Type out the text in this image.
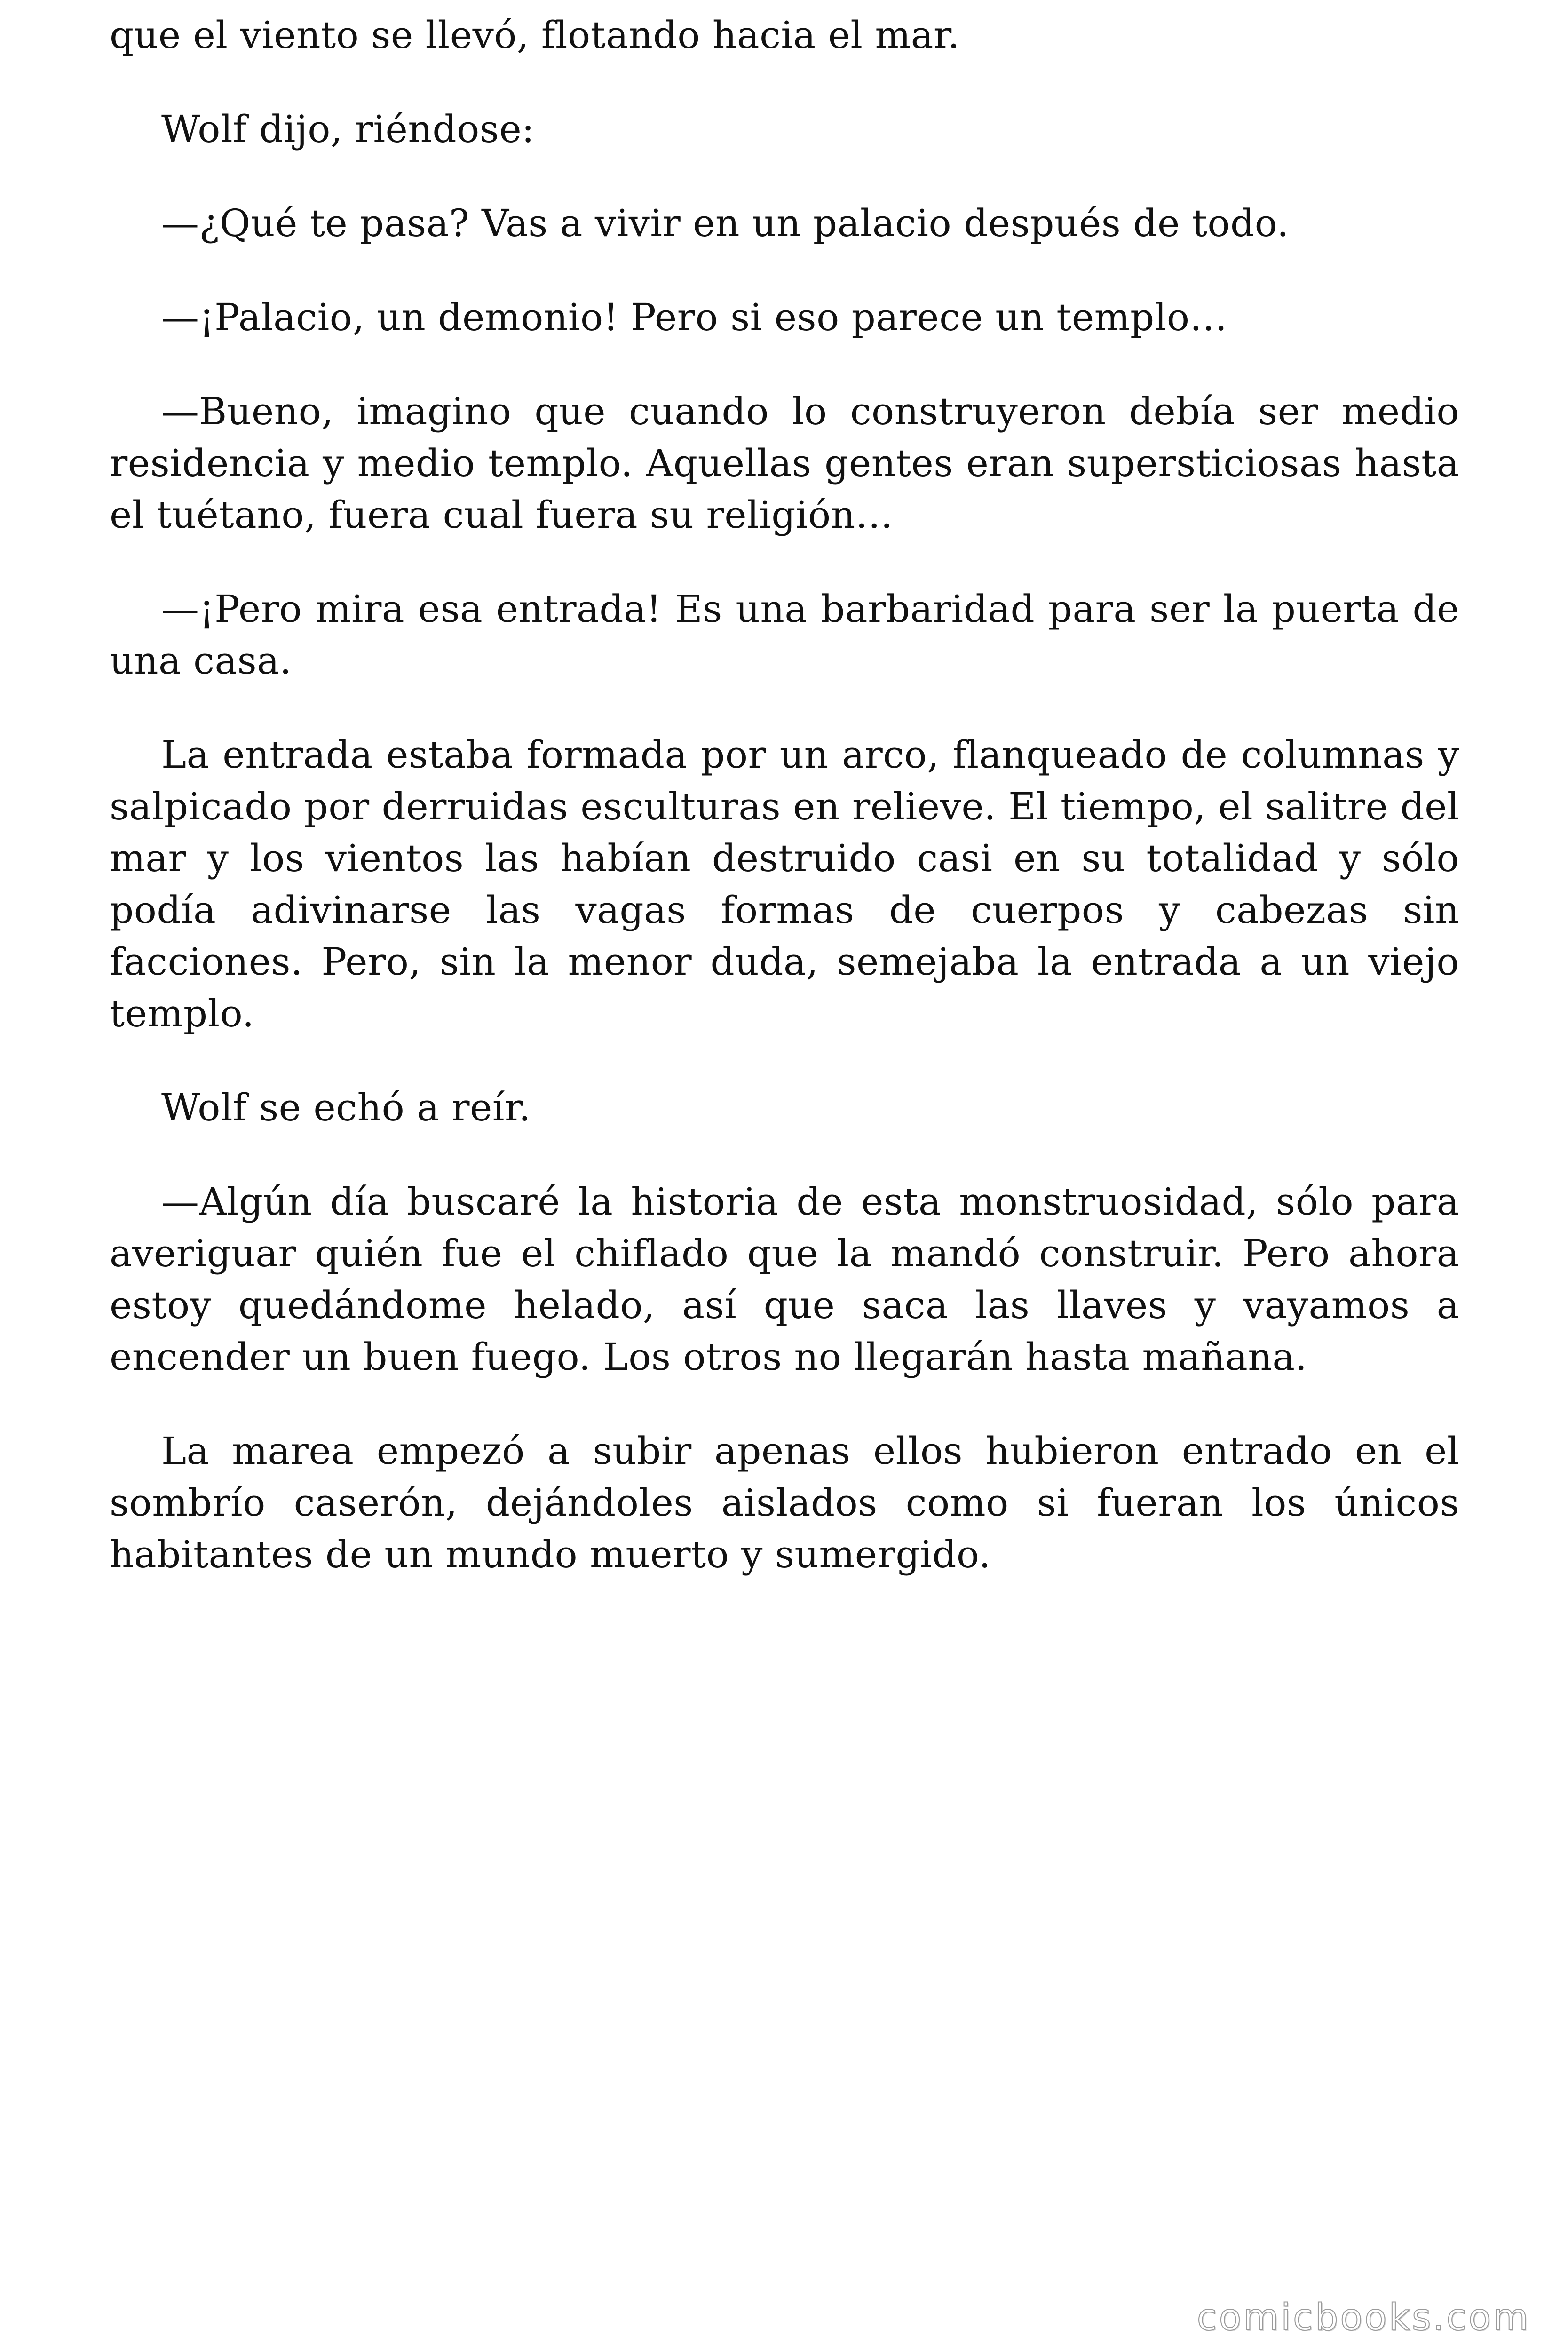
que el viento se llevó, flotando hacia el mar.

Wolf dijo, riéndose:

—¿Qué te pasa? Vas a vivir en un palacio después de todo.

—¡Palacio, un demonio! Pero si eso parece un templo…

—Bueno, imagino que cuando lo construyeron debía ser medio residencia y medio templo. Aquellas gentes eran supersticiosas hasta el tuétano, fuera cual fuera su religión…

—¡Pero mira esa entrada! Es una barbaridad para ser la puerta de una casa.

La entrada estaba formada por un arco, flanqueado de columnas y salpicado por derruidas esculturas en relieve. El tiempo, el salitre del mar y los vientos las habían destruido casi en su totalidad y sólo podía adivinarse las vagas formas de cuerpos y cabezas sin facciones. Pero, sin la menor duda, semejaba la entrada a un viejo templo.

Wolf se echó a reír.

—Algún día buscaré la historia de esta monstruosidad, sólo para averiguar quién fue el chiflado que la mandó construir. Pero ahora estoy quedándome helado, así que saca las llaves y vayamos a encender un buen fuego. Los otros no llegarán hasta mañana.

La marea empezó a subir apenas ellos hubieron entrado en el sombrío caserón, dejándoles aislados como si fueran los únicos habitantes de un mundo muerto y sumergido.

comicbooks.com
